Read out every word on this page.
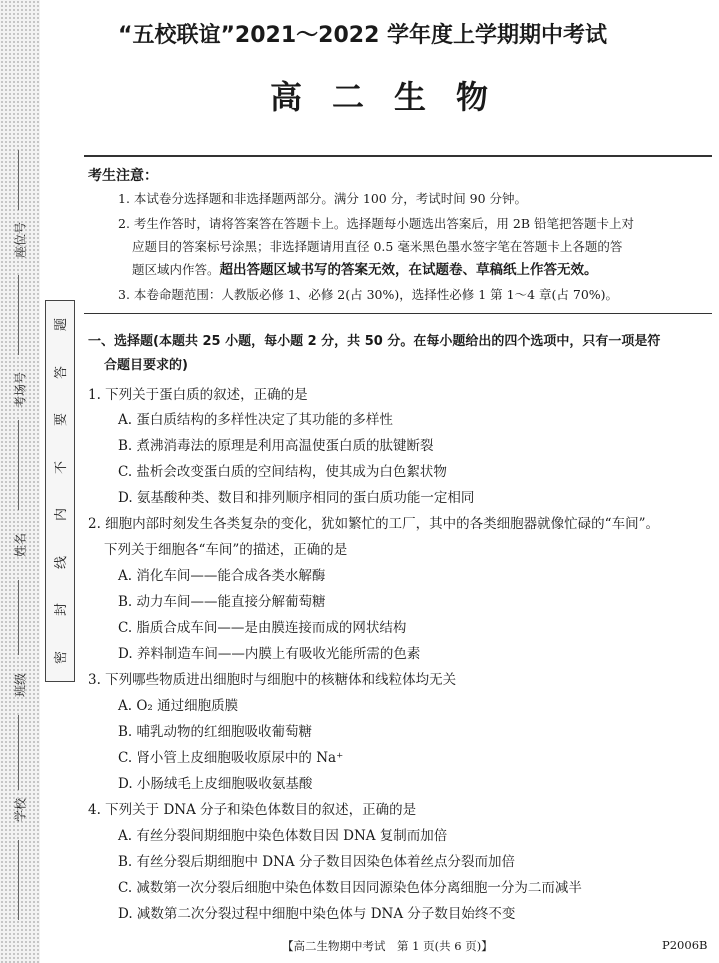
座位号
考场号
姓名
班级
学校
题
答
要
不
内
线
封
密
“五校联谊”2021～2022 学年度上学期期中考试
高二生物
考生注意：
1. 本试卷分选择题和非选择题两部分。满分 100 分，考试时间 90 分钟。
2. 考生作答时，请将答案答在答题卡上。选择题每小题选出答案后，用 2B 铅笔把答题卡上对
应题目的答案标号涂黑；非选择题请用直径 0.5 毫米黑色墨水签字笔在答题卡上各题的答
题区域内作答。超出答题区域书写的答案无效，在试题卷、草稿纸上作答无效。
3. 本卷命题范围：人教版必修 1、必修 2(占 30%)，选择性必修 1 第 1～4 章(占 70%)。
一、选择题(本题共 25 小题，每小题 2 分，共 50 分。在每小题给出的四个选项中，只有一项是符
合题目要求的)
1. 下列关于蛋白质的叙述，正确的是
A. 蛋白质结构的多样性决定了其功能的多样性
B. 煮沸消毒法的原理是利用高温使蛋白质的肽键断裂
C. 盐析会改变蛋白质的空间结构，使其成为白色絮状物
D. 氨基酸种类、数目和排列顺序相同的蛋白质功能一定相同
2. 细胞内部时刻发生各类复杂的变化，犹如繁忙的工厂，其中的各类细胞器就像忙碌的“车间”。
下列关于细胞各“车间”的描述，正确的是
A. 消化车间——能合成各类水解酶
B. 动力车间——能直接分解葡萄糖
C. 脂质合成车间——是由膜连接而成的网状结构
D. 养料制造车间——内膜上有吸收光能所需的色素
3. 下列哪些物质进出细胞时与细胞中的核糖体和线粒体均无关
A. O₂ 通过细胞质膜
B. 哺乳动物的红细胞吸收葡萄糖
C. 肾小管上皮细胞吸收原尿中的 Na⁺
D. 小肠绒毛上皮细胞吸收氨基酸
4. 下列关于 DNA 分子和染色体数目的叙述，正确的是
A. 有丝分裂间期细胞中染色体数目因 DNA 复制而加倍
B. 有丝分裂后期细胞中 DNA 分子数目因染色体着丝点分裂而加倍
C. 减数第一次分裂后细胞中染色体数目因同源染色体分离细胞一分为二而减半
D. 减数第二次分裂过程中细胞中染色体与 DNA 分子数目始终不变
【高二生物期中考试　第 1 页(共 6 页)】	P2006B
